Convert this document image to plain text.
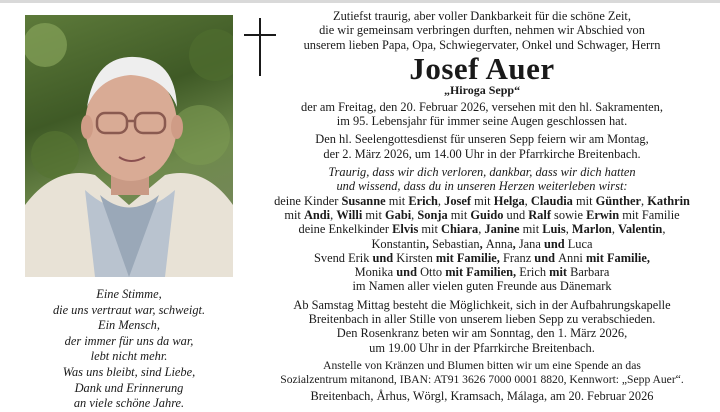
Eine Stimme,
die uns vertraut war, schweigt.
Ein Mensch,
der immer für uns da war,
lebt nicht mehr.
Was uns bleibt, sind Liebe,
Dank und Erinnerung
an viele schöne Jahre.
Zutiefst traurig, aber voller Dankbarkeit für die schöne Zeit,
die wir gemeinsam verbringen durften, nehmen wir Abschied von
unserem lieben Papa, Opa, Schwiegervater, Onkel und Schwager, Herrn
Josef Auer
„Hiroga Sepp“
der am Freitag, den 20. Februar 2026, versehen mit den hl. Sakramenten,
im 95. Lebensjahr für immer seine Augen geschlossen hat.
Den hl. Seelengottesdienst für unseren Sepp feiern wir am Montag,
der 2. März 2026, um 14.00 Uhr in der Pfarrkirche Breitenbach.
Traurig, dass wir dich verloren, dankbar, dass wir dich hatten
und wissend, dass du in unseren Herzen weiterleben wirst:
deine Kinder Susanne mit Erich, Josef mit Helga, Claudia mit Günther, Kathrin
mit Andi, Willi mit Gabi, Sonja mit Guido und Ralf sowie Erwin mit Familie
deine Enkelkinder Elvis mit Chiara, Janine mit Luis, Marlon, Valentin,
Konstantin, Sebastian, Anna, Jana und Luca
Svend Erik und Kirsten mit Familie, Franz und Anni mit Familie,
Monika und Otto mit Familien, Erich mit Barbara
im Namen aller vielen guten Freunde aus Dänemark
Ab Samstag Mittag besteht die Möglichkeit, sich in der Aufbahrungskapelle
Breitenbach in aller Stille von unserem lieben Sepp zu verabschieden.
Den Rosenkranz beten wir am Sonntag, den 1. März 2026,
um 19.00 Uhr in der Pfarrkirche Breitenbach.
Anstelle von Kränzen und Blumen bitten wir um eine Spende an das
Sozialzentrum mitanond, IBAN: AT91 3626 7000 0001 8820, Kennwort: „Sepp Auer“.
Breitenbach, Århus, Wörgl, Kramsach, Málaga, am 20. Februar 2026
